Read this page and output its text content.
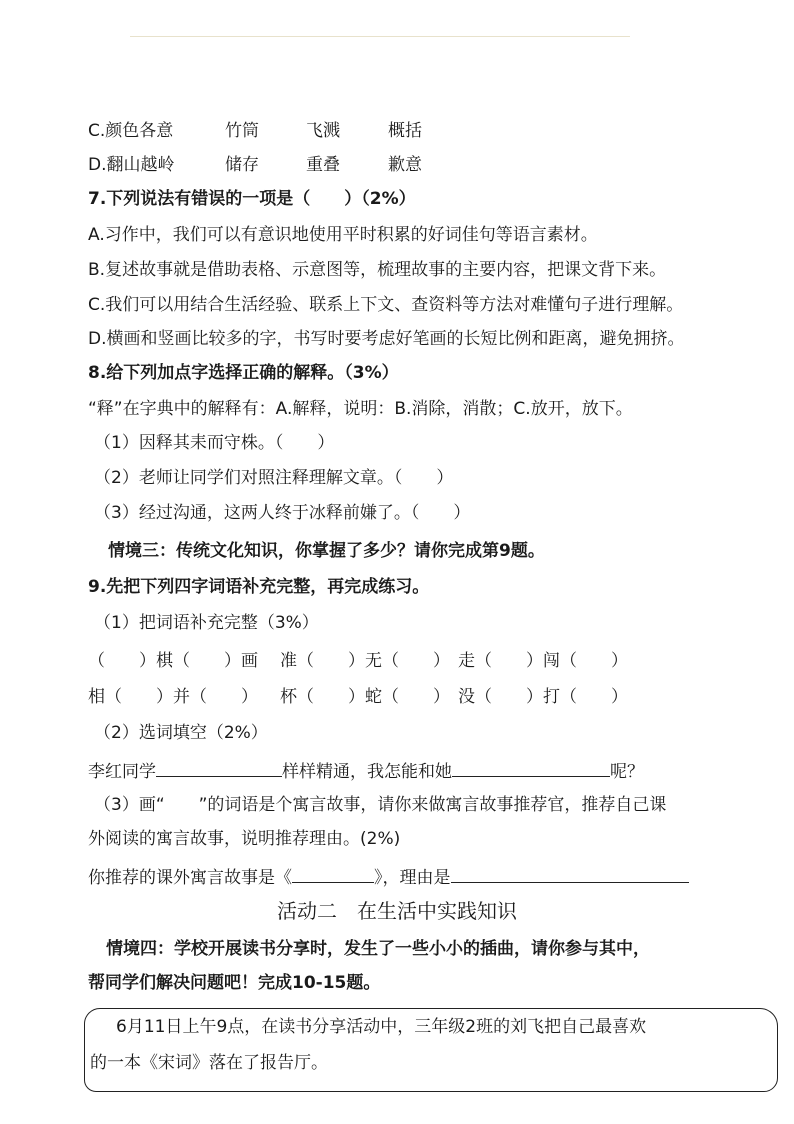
C.颜色各意	竹筒	飞溅	概括
D.翻山越岭	储存	重叠	歉意
7.下列说法有错误的一项是（　　）（2%）
A.习作中，我们可以有意识地使用平时积累的好词佳句等语言素材。
B.复述故事就是借助表格、示意图等，梳理故事的主要内容，把课文背下来。
C.我们可以用结合生活经验、联系上下文、查资料等方法对难懂句子进行理解。
D.横画和竖画比较多的字，书写时要考虑好笔画的长短比例和距离，避免拥挤。
8.给下列加点字选择正确的解释。（3%）
“释”在字典中的解释有：A.解释，说明：B.消除，消散；C.放开，放下。
（1）因释其耒而守株。（　　）
（2）老师让同学们对照注释理解文章。（　　）
（3）经过沟通，这两人终于冰释前嫌了。（　　）
情境三：传统文化知识，你掌握了多少？请你完成第9题。
9.先把下列四字词语补充完整，再完成练习。
（1）把词语补充完整（3%）
（　　）棋（　　）画 准（　　）无（　　） 走（　　）闯（　　）
相（　　）并（　　） 杯（　　）蛇（　　） 没（　　）打（　　）
（2）选词填空（2%）
李红同学	样样精通，我怎能和她	呢？
（3）画“　　”的词语是个寓言故事，请你来做寓言故事推荐官，推荐自己课
外阅读的寓言故事，说明推荐理由。(2%)
你推荐的课外寓言故事是《	》，理由是
活动二　在生活中实践知识
情境四：学校开展读书分享时，发生了一些小小的插曲，请你参与其中，
帮同学们解决问题吧！完成10-15题。
6月11日上午9点，在读书分享活动中，三年级2班的刘飞把自己最喜欢
的一本《宋词》落在了报告厅。
